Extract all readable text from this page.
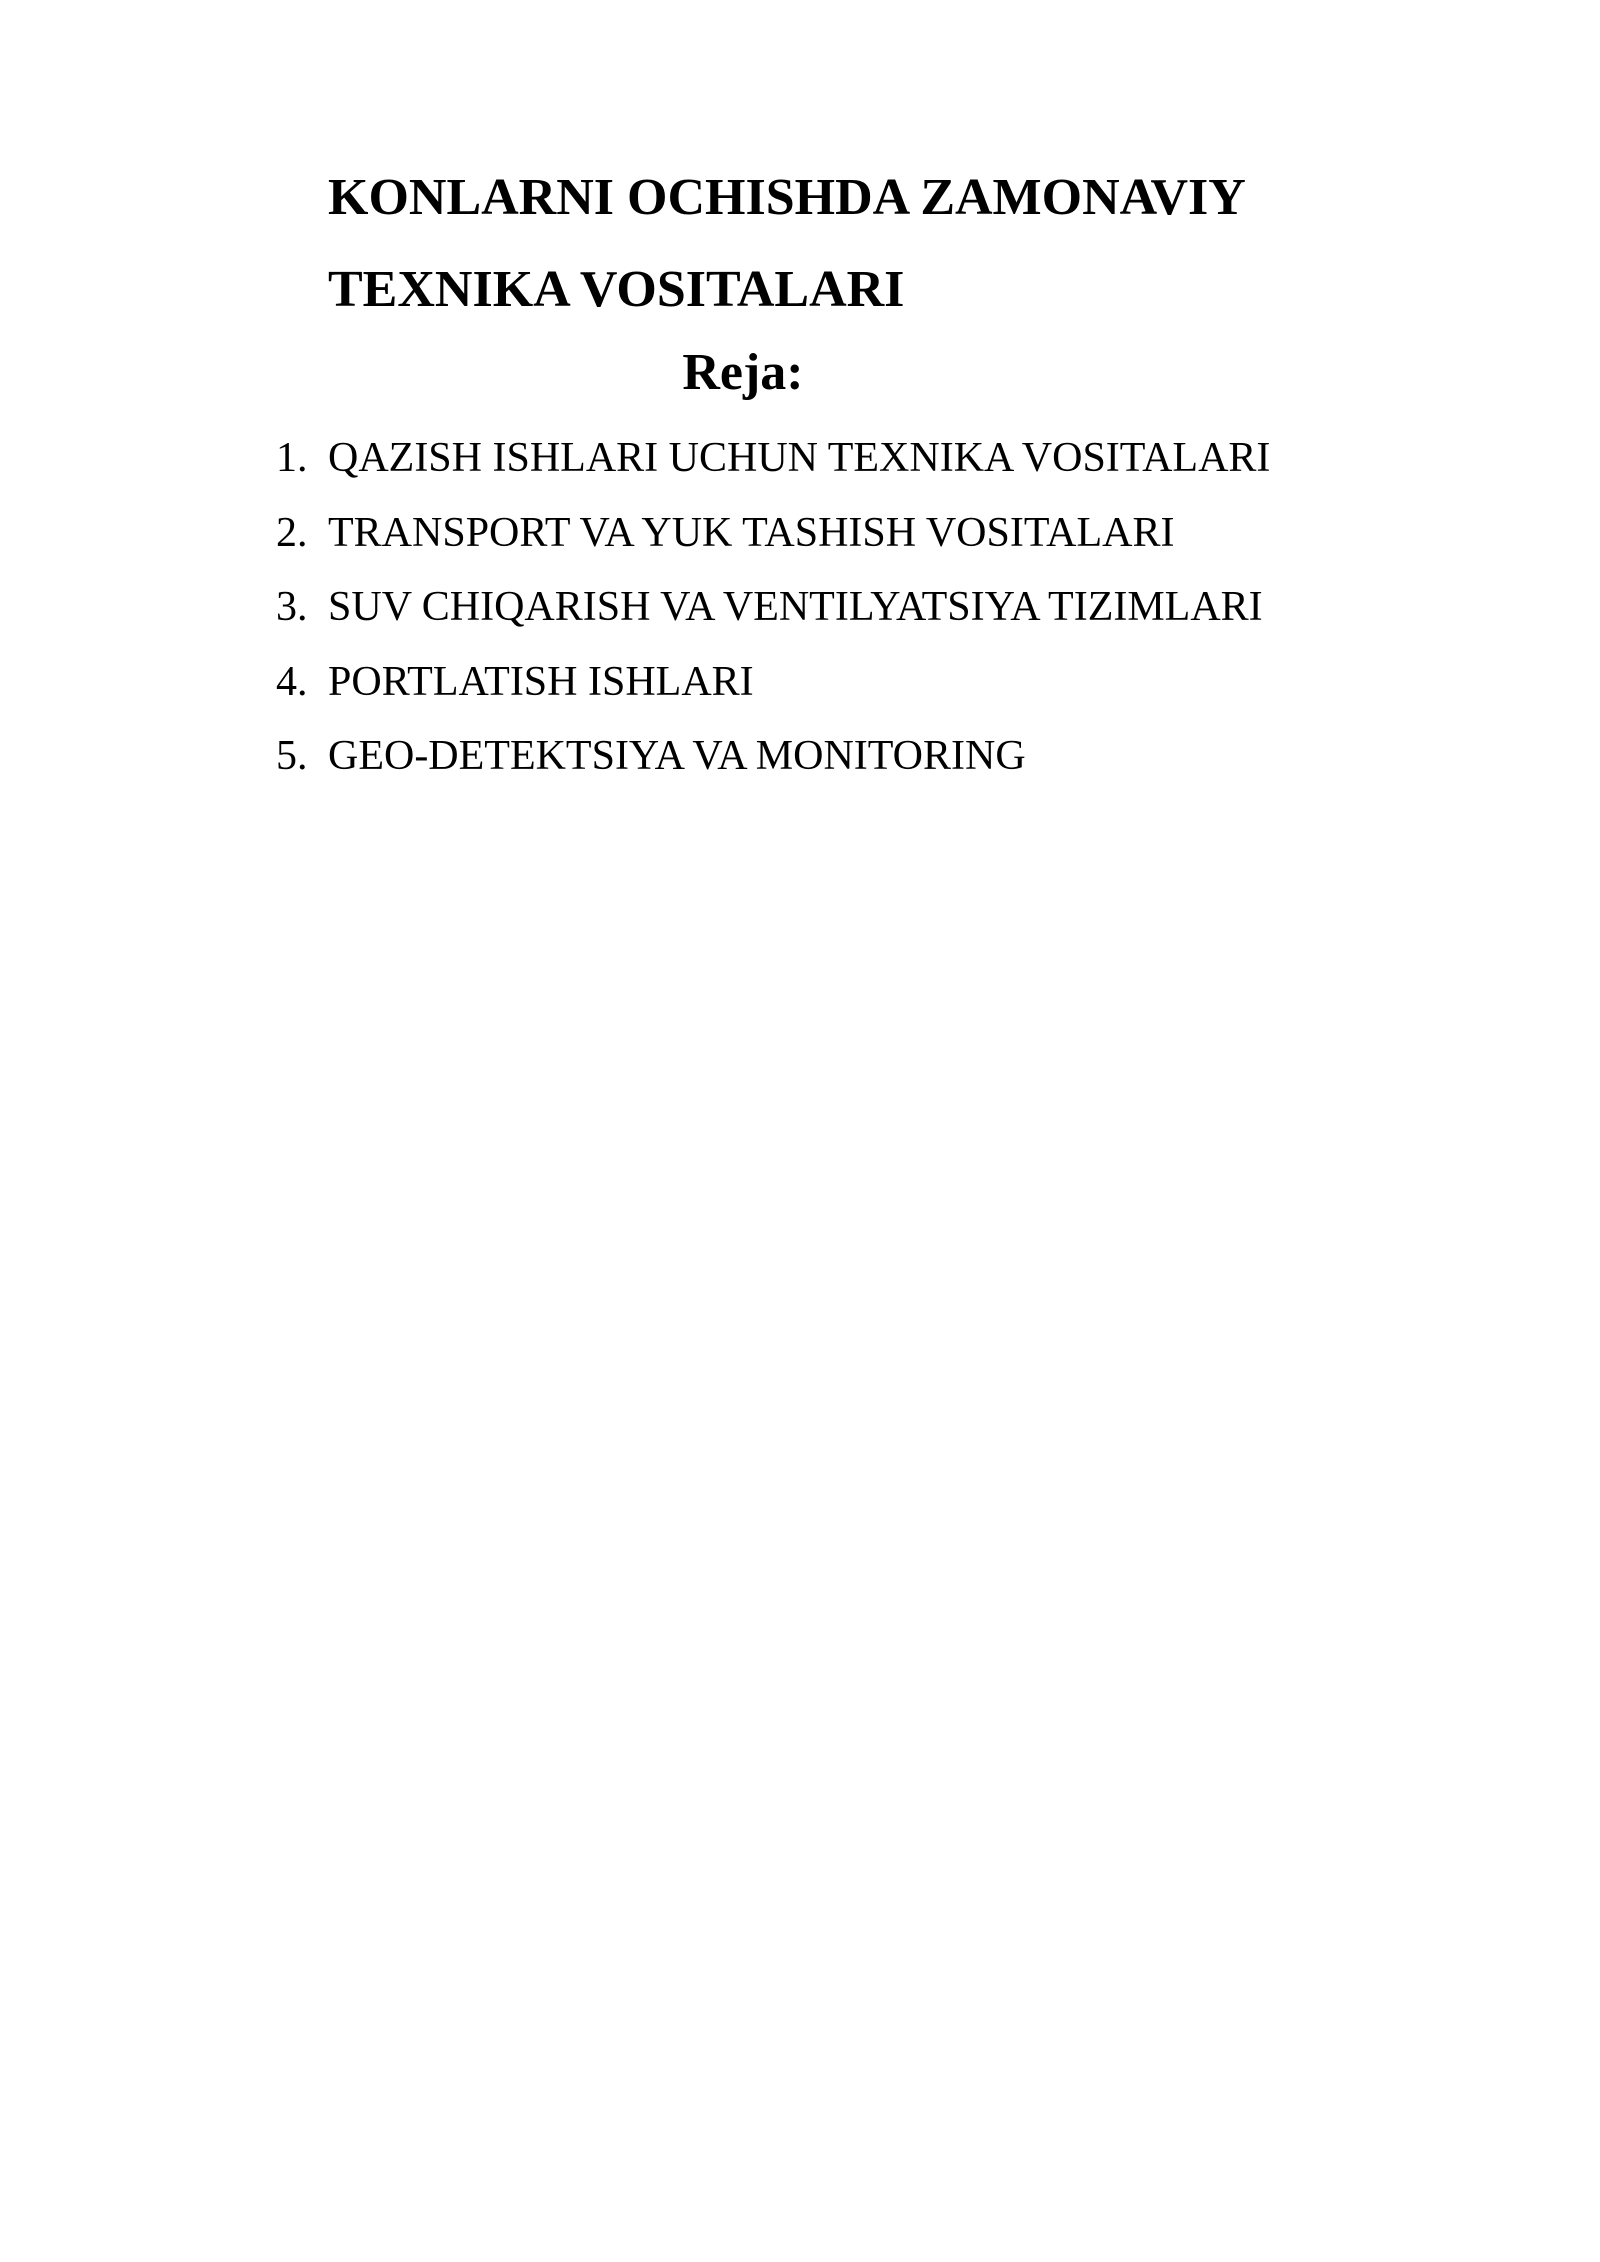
KONLARNI OCHISHDA ZAMONAVIY
TEXNIKA VOSITALARI
Reja:
1. QAZISH ISHLARI UCHUN TEXNIKA VOSITALARI
2. TRANSPORT VA YUK TASHISH VOSITALARI
3. SUV CHIQARISH VA VENTILYATSIYA TIZIMLARI
4. PORTLATISH ISHLARI
5. GEO-DETEKTSIYA VA MONITORING
